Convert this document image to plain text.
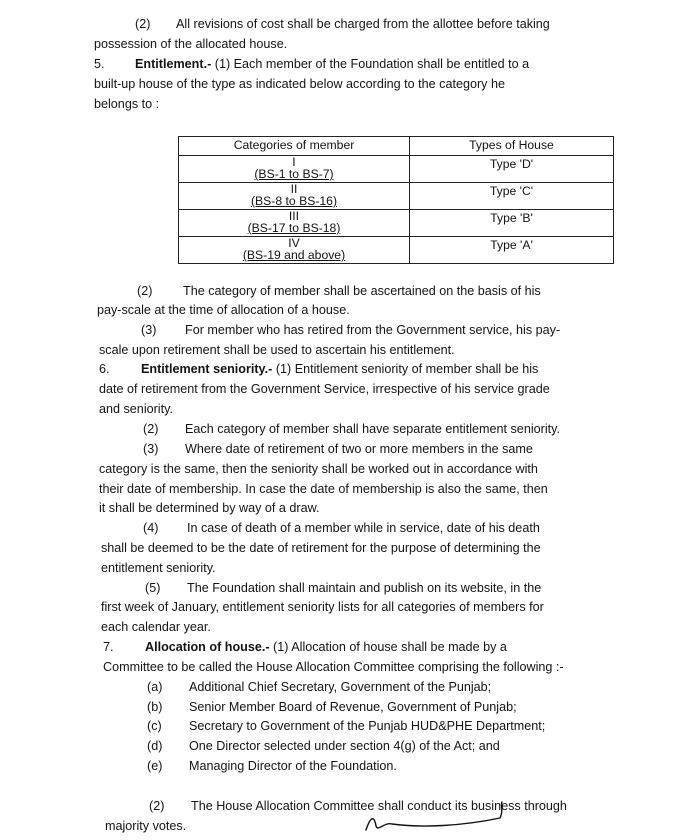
(2) All revisions of cost shall be charged from the allottee before taking
possession of the allocated house.
5. Entitlement.- (1) Each member of the Foundation shall be entitled to a
built-up house of the type as indicated below according to the category he
belongs to :
Categories of member	Types of House

I
(BS-1 to BS-7)	Type 'D'

II
(BS-8 to BS-16)	Type 'C'

III
(BS-17 to BS-18)	Type 'B'

IV
(BS-19 and above)	Type 'A'
(2) The category of member shall be ascertained on the basis of his
pay-scale at the time of allocation of a house.
(3) For member who has retired from the Government service, his pay-
scale upon retirement shall be used to ascertain his entitlement.
6. Entitlement seniority.- (1) Entitlement seniority of member shall be his
date of retirement from the Government Service, irrespective of his service grade
and seniority.
(2) Each category of member shall have separate entitlement seniority.
(3) Where date of retirement of two or more members in the same
category is the same, then the seniority shall be worked out in accordance with
their date of membership. In case the date of membership is also the same, then
it shall be determined by way of a draw.
(4) In case of death of a member while in service, date of his death
shall be deemed to be the date of retirement for the purpose of determining the
entitlement seniority.
(5) The Foundation shall maintain and publish on its website, in the
first week of January, entitlement seniority lists for all categories of members for
each calendar year.
7. Allocation of house.- (1) Allocation of house shall be made by a
Committee to be called the House Allocation Committee comprising the following :-
(a) Additional Chief Secretary, Government of the Punjab;
(b) Senior Member Board of Revenue, Government of Punjab;
(c) Secretary to Government of the Punjab HUD&PHE Department;
(d) One Director selected under section 4(g) of the Act; and
(e) Managing Director of the Foundation.
(2) The House Allocation Committee shall conduct its business through
majority votes.
